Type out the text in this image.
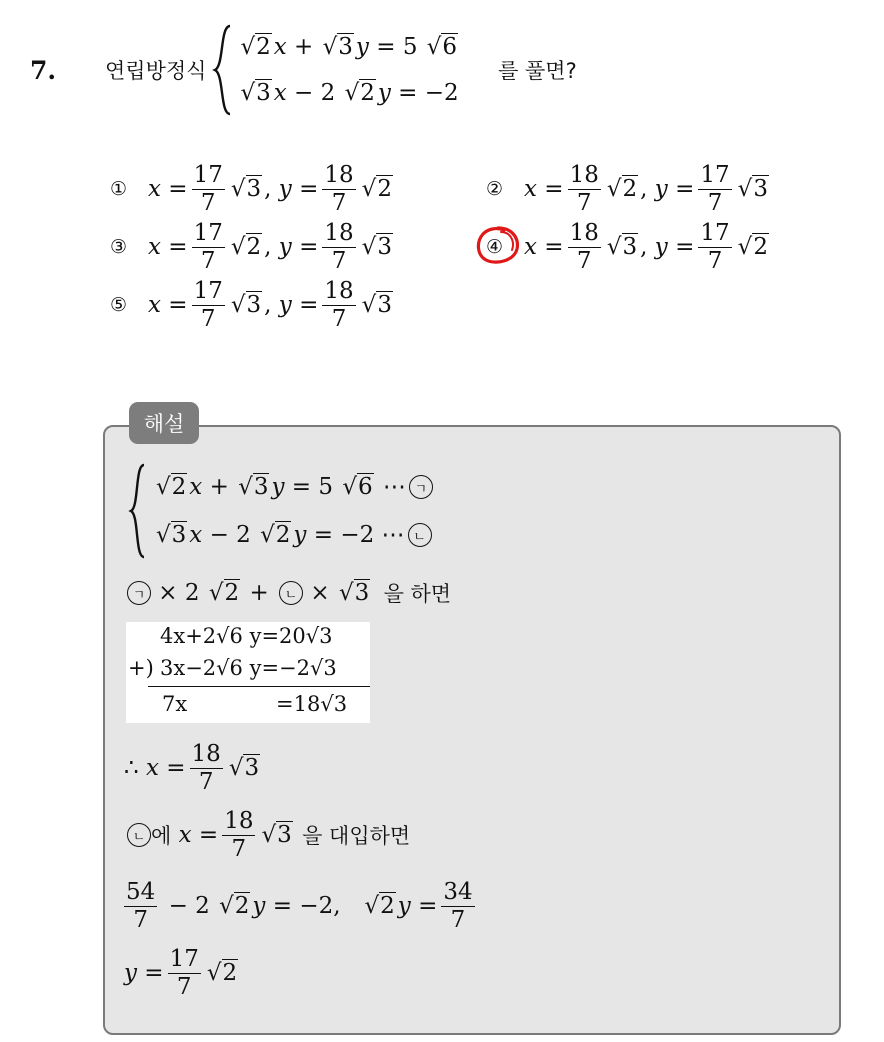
7.	연립방정식
√2 x + √3 y = 5 √6
√3 x − 2 √2 y = −2
를 풀면?
① $x = \frac{17}{7} √3$ , $y = \frac{18}{7} √2$	② $x = \frac{18}{7} √2$ , $y = \frac{17}{7} √3$
③ $x = \frac{17}{7} √2$ , $y = \frac{18}{7} √3$	④ $x = \frac{18}{7} √3$ , $y = \frac{17}{7} √2$
⑤ $x = \frac{17}{7} √3$ , $y = \frac{18}{7} √3$
해설
√2 x + √3 y = 5 √6 ⋯ ㄱ
√3 x − 2 √2 y = −2 ⋯ ㄴ
ㄱ × 2 √2 + ㄴ × √3
을 하면
4x+2√6 y=20√3
+) 3x−2√6 y=−2√3
7x	=18√3
∴
$x = \frac{18}{7} √3$
ㄴ 에
$x = \frac{18}{7} √3$
을 대입하면
$\frac{54}{7} - 2$ √2 y = −2, √2 $y = \frac{34}{7}$
$y = \frac{17}{7} √2$
